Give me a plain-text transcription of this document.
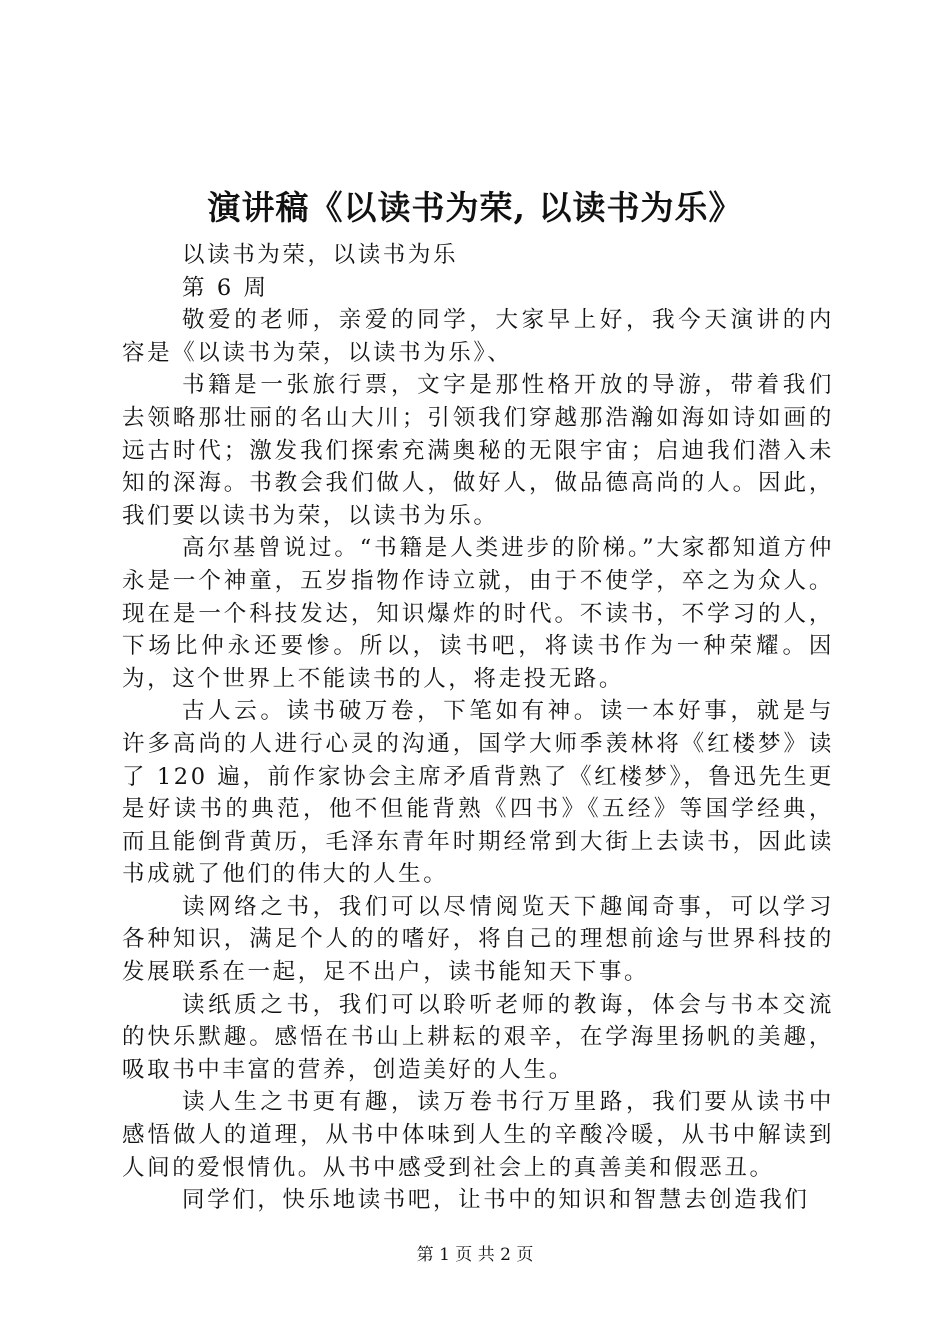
演讲稿《以读书为荣, 以读书为乐》

以读书为荣，以读书为乐

第 6 周

敬爱的老师，亲爱的同学，大家早上好，我今天演讲的内容是《以读书为荣，以读书为乐》、

书籍是一张旅行票，文字是那性格开放的导游，带着我们去领略那壮丽的名山大川；引领我们穿越那浩瀚如海如诗如画的远古时代；激发我们探索充满奥秘的无限宇宙；启迪我们潜入未知的深海。书教会我们做人，做好人，做品德高尚的人。因此，我们要以读书为荣，以读书为乐。

高尔基曾说过。“书籍是人类进步的阶梯。”大家都知道方仲永是一个神童，五岁指物作诗立就，由于不使学，卒之为众人。现在是一个科技发达，知识爆炸的时代。不读书，不学习的人，下场比仲永还要惨。所以，读书吧，将读书作为一种荣耀。因为，这个世界上不能读书的人，将走投无路。

古人云。读书破万卷，下笔如有神。读一本好事，就是与许多高尚的人进行心灵的沟通，国学大师季羡林将《红楼梦》读了 120 遍，前作家协会主席矛盾背熟了《红楼梦》，鲁迅先生更是好读书的典范，他不但能背熟《四书》《五经》等国学经典，而且能倒背黄历，毛泽东青年时期经常到大街上去读书，因此读书成就了他们的伟大的人生。

读网络之书，我们可以尽情阅览天下趣闻奇事，可以学习各种知识，满足个人的的嗜好，将自己的理想前途与世界科技的发展联系在一起，足不出户，读书能知天下事。

读纸质之书，我们可以聆听老师的教诲，体会与书本交流的快乐默趣。感悟在书山上耕耘的艰辛，在学海里扬帆的美趣，吸取书中丰富的营养，创造美好的人生。

读人生之书更有趣，读万卷书行万里路，我们要从读书中感悟做人的道理，从书中体味到人生的辛酸冷暖，从书中解读到人间的爱恨情仇。从书中感受到社会上的真善美和假恶丑。

同学们，快乐地读书吧，让书中的知识和智慧去创造我们

第 1 页 共 2 页
